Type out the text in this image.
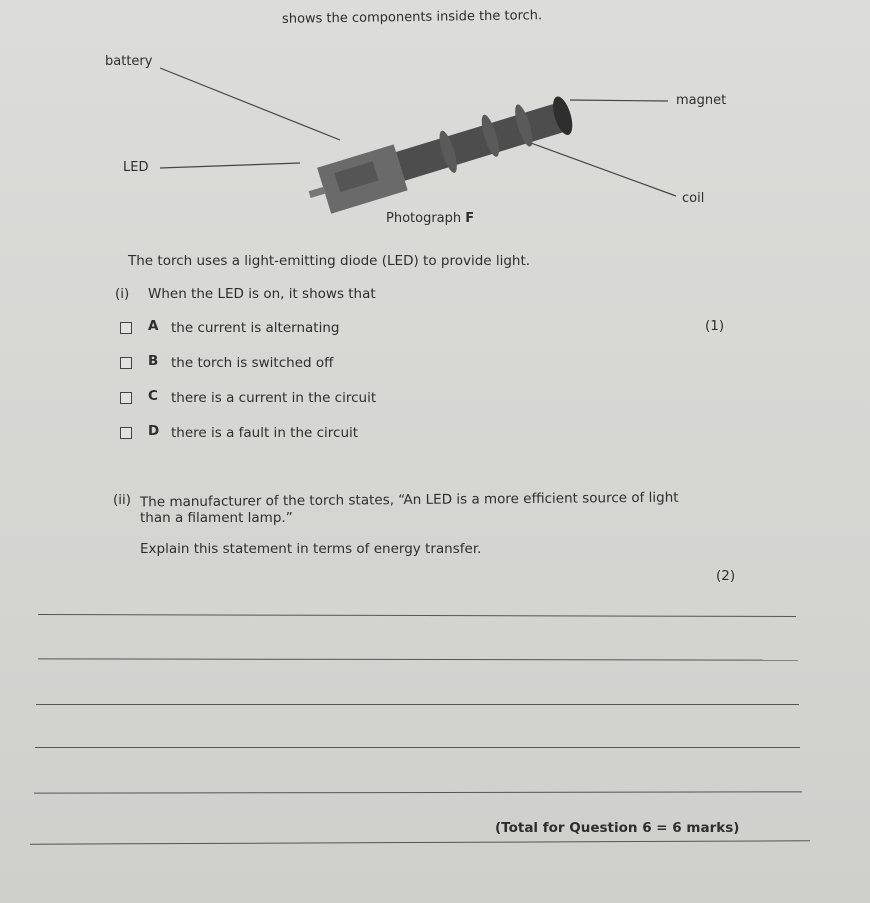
shows the components inside the torch.
battery
magnet
LED
coil
Photograph F
The torch uses a light-emitting diode (LED) to provide light.
(i) When the LED is on, it shows that
(1)
A the current is alternating
B the torch is switched off
C there is a current in the circuit
D there is a fault in the circuit
(ii) The manufacturer of the torch states, “An LED is a more efficient source of light
than a filament lamp.”
Explain this statement in terms of energy transfer.
(2)
(Total for Question 6 = 6 marks)
